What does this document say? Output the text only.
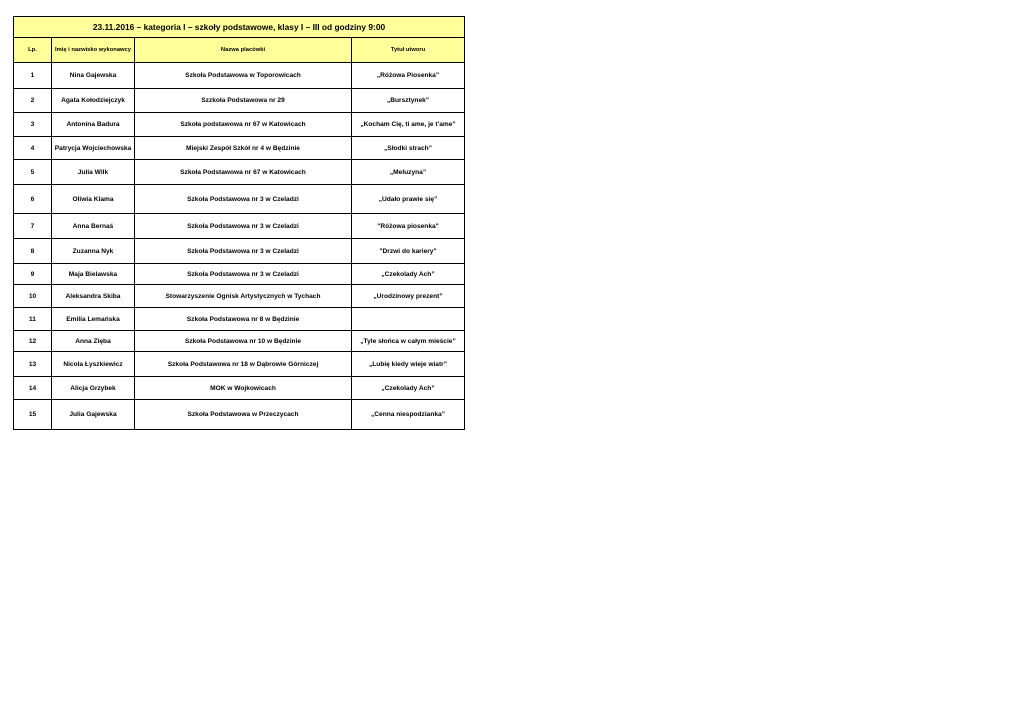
23.11.2016 – kategoria I – szkoły podstawowe, klasy I – III od godziny 9:00			
Lp.	Imię i nazwisko wykonawcy	Nazwa placówki	Tytuł utworu
1	Nina Gajewska	Szkoła Podstawowa w Toporowicach	„Różowa Piosenka”
2	Agata Kołodziejczyk	Szzkoła Podstawowa nr 29	„Bursztynek”
3	Antonina Badura	Szkoła podstawowa nr 67 w Katowicach	„Kocham Cię, ti ame, je t'ame”
4	Patrycja Wojciechowska	Miejski Zespół Szkół nr 4 w Będzinie	„Słodki strach”
5	Julia Wilk	Szkoła Podstawowa nr 67 w Katowicach	„Meluzyna”
6	Oliwia Klama	Szkoła Podstawowa nr 3 w Czeladzi	„Udało prawie się”
7	Anna Bernaś	Szkoła Podstawowa nr 3 w Czeladzi	"Różowa piosenka"
8	Zuzanna Nyk	Szkoła Podstawowa nr 3 w Czeladzi	"Drzwi do kariery"
9	Maja Bielawska	Szkoła Podstawowa nr 3 w Czeladzi	„Czekolady Ach”
10	Aleksandra Skiba	Stowarzyszenie Ognisk Artystycznych w Tychach	„Urodzinowy prezent”
11	Emilia Lemańska	Szkoła Podstawowa nr 8 w Będzinie	
12	Anna Zięba	Szkoła Podstawowa nr 10 w Będzinie	„Tyle słońca w całym mieście”
13	Nicola Łyszkiewicz	Szkoła Podstawowa nr 18 w Dąbrowie Górniczej	„Lubię kiedy wieje wiatr”
14	Alicja Grzybek	MOK w Wojkowicach	„Czekolady Ach”
15	Julia Gajewska	Szkoła Podstawowa w Przeczycach	„Cenna niespodzianka”
